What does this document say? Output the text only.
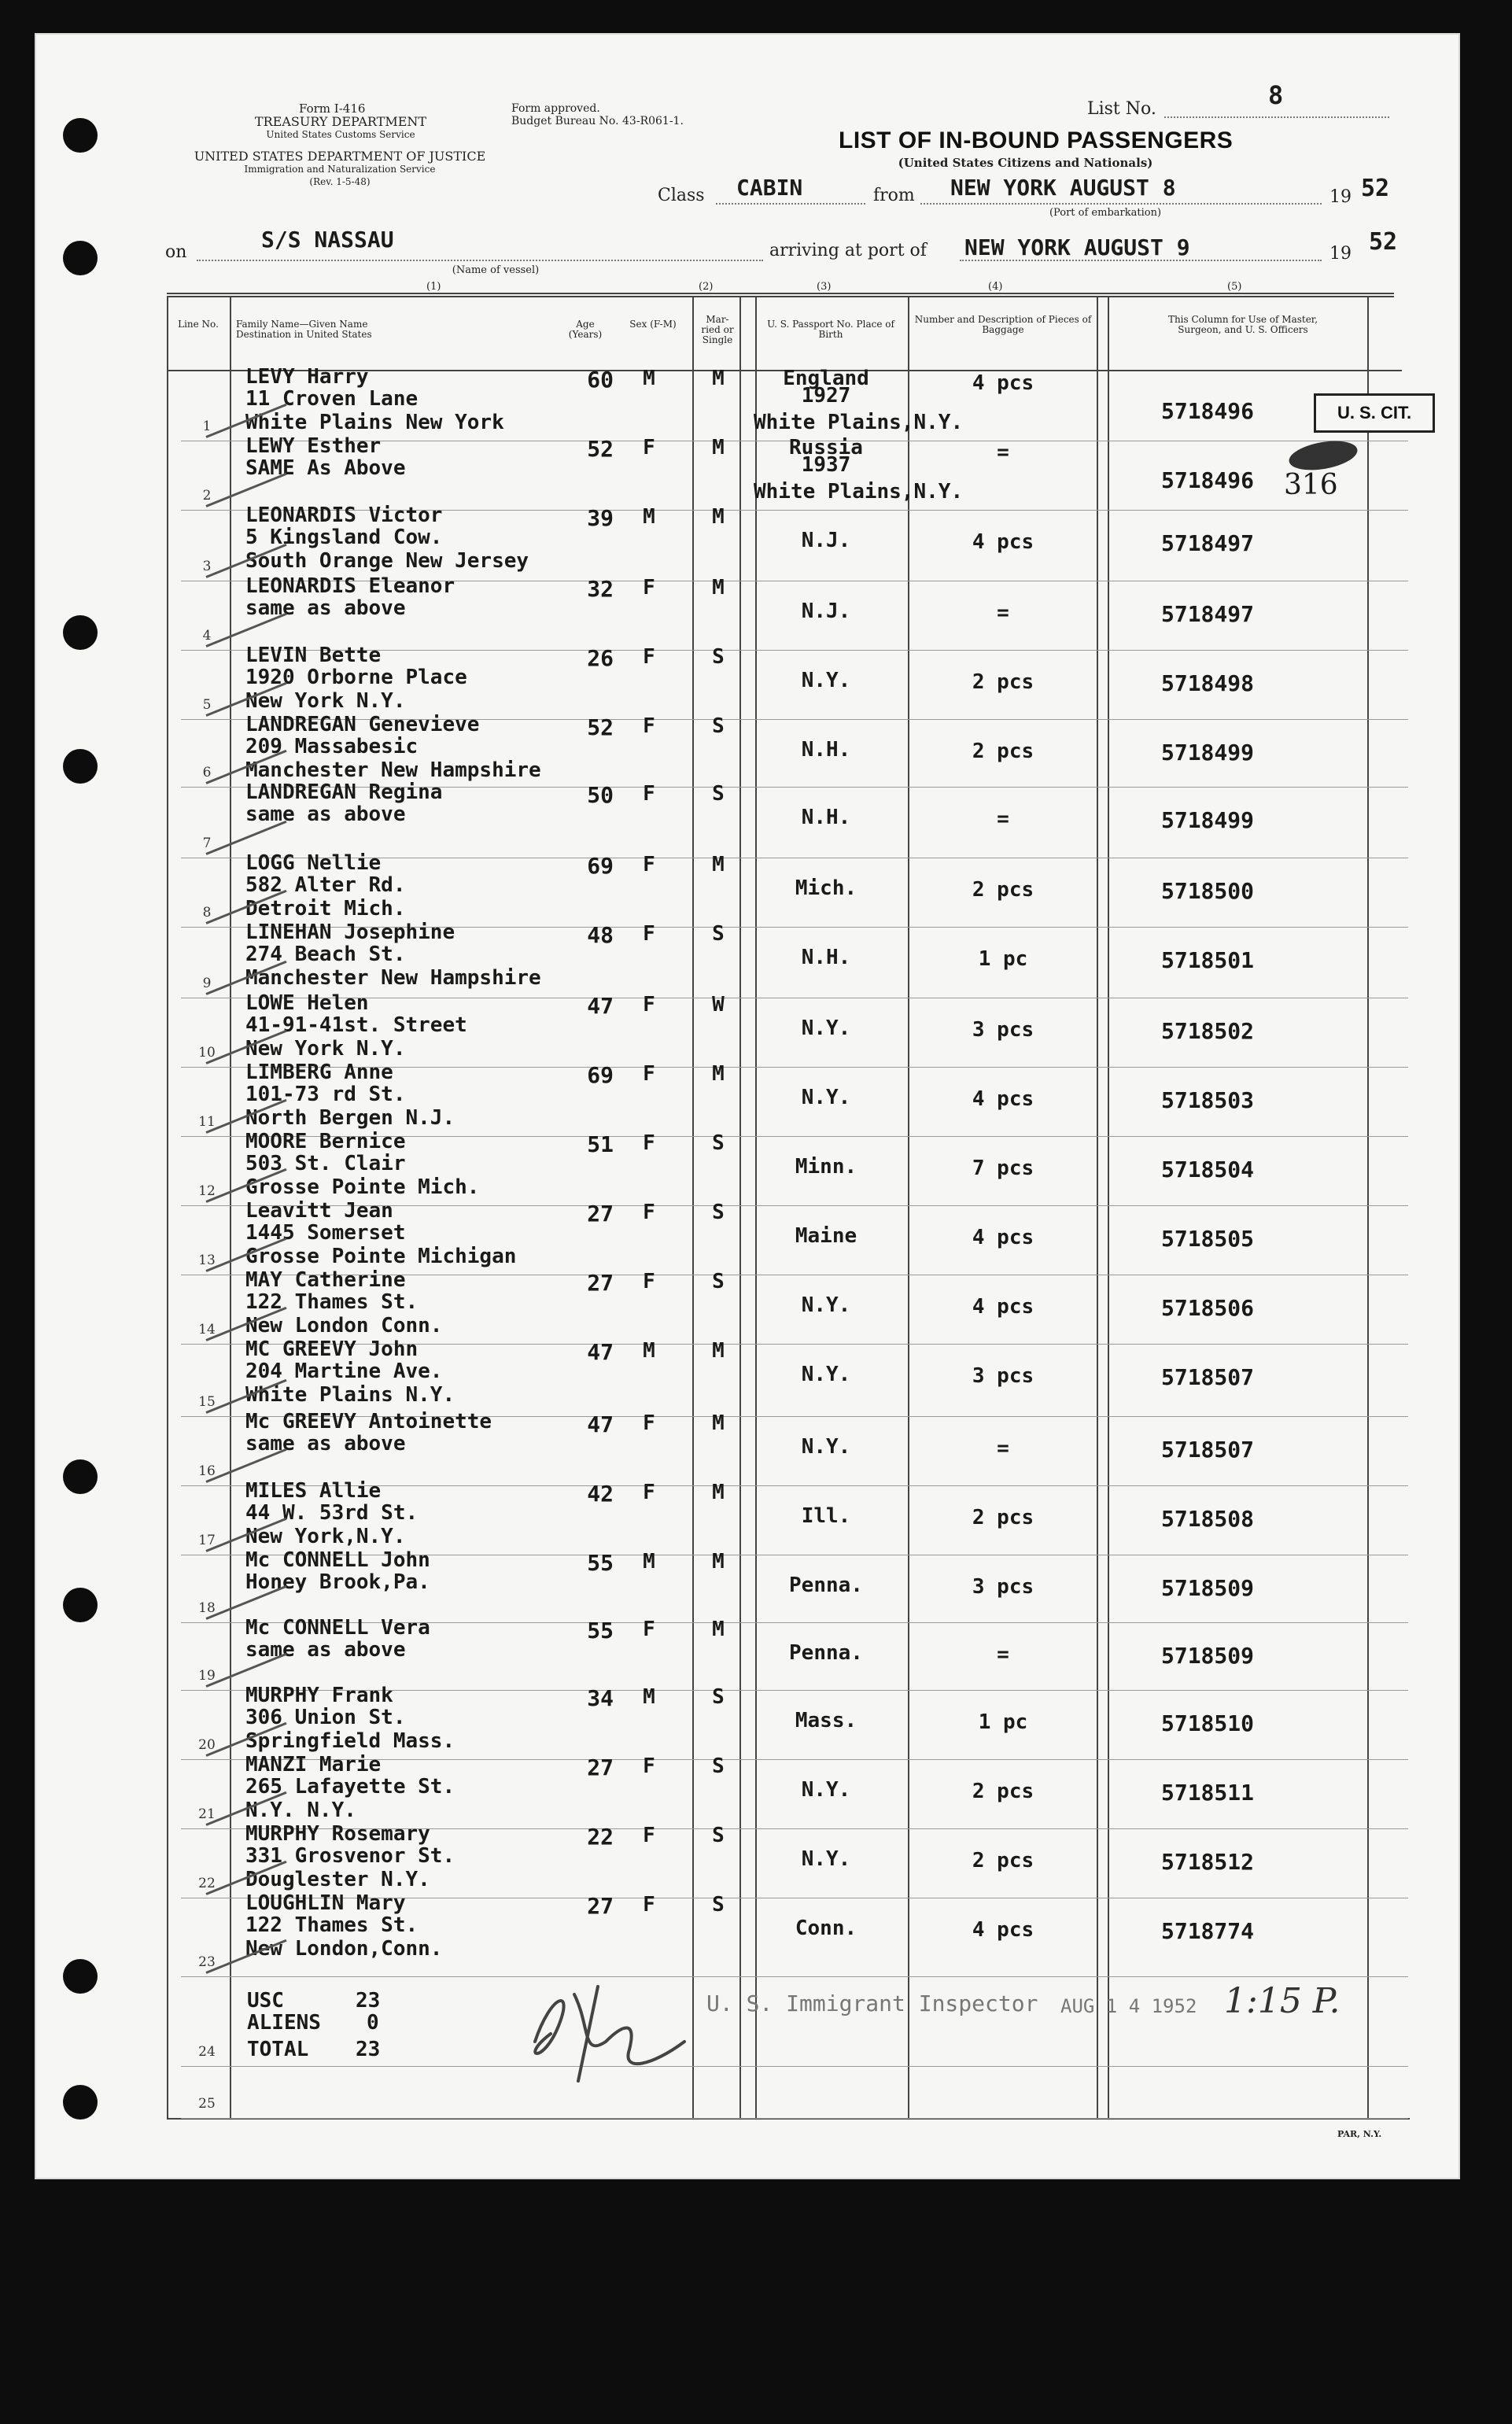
Form I-416
TREASURY DEPARTMENT
United States Customs Service
Form approved.
Budget Bureau No. 43-R061-1.
UNITED STATES DEPARTMENT OF JUSTICE
Immigration and Naturalization Service
(Rev. 1-5-48)
List No.	8
LIST OF IN-BOUND PASSENGERS
(United States Citizens and Nationals)
Class CABIN	from NEW YORK AUGUST 8
(Port of embarkation)
19 52
on	S/S NASSAU
(Name of vessel)
arriving at port of NEW YORK AUGUST 9	19 52
(1)	(2)	(3)	(4)	(5)
Line No. Family Name—Given Name
Destination in United States
Age (Years)
Sex (F-M)	Mar-ried or Single
U. S. Passport No. Place of Birth
Number and Description of Pieces of Baggage
This Column for Use of Master, Surgeon, and U. S. Officers
1
LEVY Harry
11 Croven Lane
White Plains New York
60	M	M	England
1927
White Plains,N.Y.
4 pcs
5718496
2
LEWY Esther
SAME As Above
52	F	M	Russia
1937
White Plains,N.Y.
=
5718496
3
LEONARDIS Victor
5 Kingsland Cow.
South Orange New Jersey
39	M	M
N.J.	4 pcs	5718497
4
LEONARDIS Eleanor
same as above
32	F	M
N.J.	=	5718497
5
LEVIN Bette
1920 Orborne Place
New York N.Y.
26	F	S
N.Y.	2 pcs	5718498
6
LANDREGAN Genevieve
209 Massabesic
Manchester New Hampshire
52	F	S
N.H.	2 pcs	5718499
7
LANDREGAN Regina
same as above
50	F	S
N.H.	=	5718499
8
LOGG Nellie
582 Alter Rd.
Detroit Mich.
69	F	M
Mich.	2 pcs	5718500
9
LINEHAN Josephine
274 Beach St.
Manchester New Hampshire
48	F	S
N.H.	1 pc	5718501
10
LOWE Helen
41-91-41st. Street
New York N.Y.
47	F	W
N.Y.	3 pcs	5718502
11
LIMBERG Anne
101-73 rd St.
North Bergen N.J.
69	F	M
N.Y.	4 pcs	5718503
12
MOORE Bernice
503 St. Clair
Grosse Pointe Mich.
51	F	S
Minn.	7 pcs	5718504
13
Leavitt Jean
1445 Somerset
Grosse Pointe Michigan
27	F	S
Maine	4 pcs	5718505
14
MAY Catherine
122 Thames St.
New London Conn.
27	F	S
N.Y.	4 pcs	5718506
15
MC GREEVY John
204 Martine Ave.
White Plains N.Y.
47	M	M
N.Y.	3 pcs	5718507
16
Mc GREEVY Antoinette
same as above
47	F	M
N.Y.	=	5718507
17
MILES Allie
44 W. 53rd St.
New York,N.Y.
42	F	M
Ill.	2 pcs	5718508
18
Mc CONNELL John
Honey Brook,Pa.
55	M	M
Penna.	3 pcs	5718509
19
Mc CONNELL Vera
same as above
55	F	M
Penna.	=	5718509
20
MURPHY Frank
306 Union St.
Springfield Mass.
34	M	S
Mass.	1 pc	5718510
21
MANZI Marie
265 Lafayette St.
N.Y. N.Y.
27	F	S
N.Y.	2 pcs	5718511
22
MURPHY Rosemary
331 Grosvenor St.
Douglester N.Y.
22	F	S
N.Y.	2 pcs	5718512
23
LOUGHLIN Mary
122 Thames St.
New London,Conn.
27	F	S
Conn.	4 pcs	5718774
24
25
U. S. CIT.
316
USC	23
ALIENS 0
TOTAL 23
U. S. Immigrant Inspector AUG 1 4 1952 1:15 P.
PAR, N.Y.
